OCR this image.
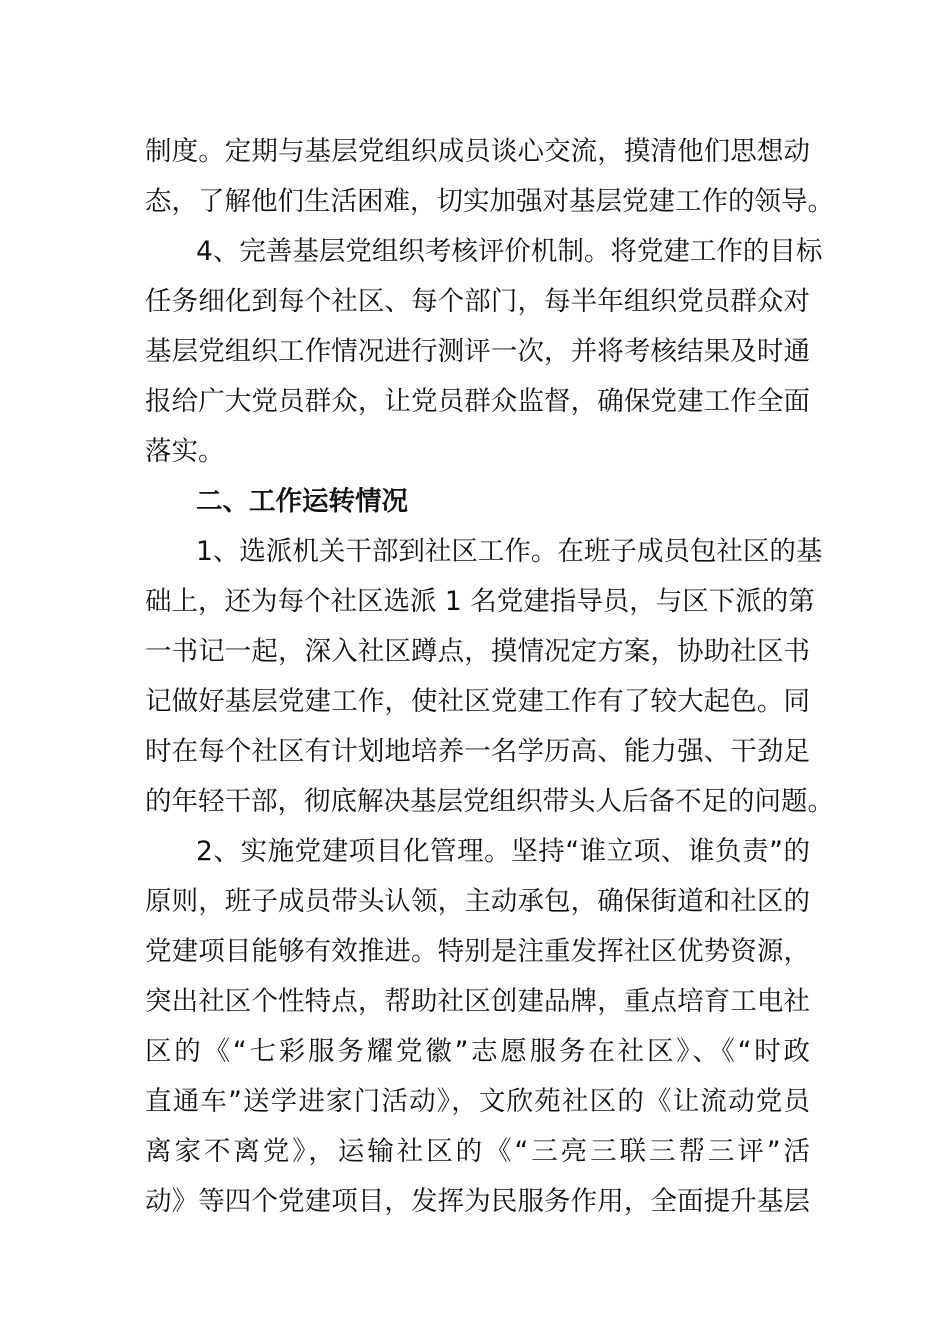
制度。定期与基层党组织成员谈心交流，摸清他们思想动
态，了解他们生活困难，切实加强对基层党建工作的领导。
4、完善基层党组织考核评价机制。将党建工作的目标
任务细化到每个社区、每个部门，每半年组织党员群众对
基层党组织工作情况进行测评一次，并将考核结果及时通
报给广大党员群众，让党员群众监督，确保党建工作全面
落实。
二、工作运转情况
1、选派机关干部到社区工作。在班子成员包社区的基
础上，还为每个社区选派 1 名党建指导员，与区下派的第
一书记一起，深入社区蹲点，摸情况定方案，协助社区书
记做好基层党建工作，使社区党建工作有了较大起色。同
时在每个社区有计划地培养一名学历高、能力强、干劲足
的年轻干部，彻底解决基层党组织带头人后备不足的问题。
2、实施党建项目化管理。坚持“谁立项、谁负责”的
原则，班子成员带头认领，主动承包，确保街道和社区的
党建项目能够有效推进。特别是注重发挥社区优势资源，
突出社区个性特点，帮助社区创建品牌，重点培育工电社
区的《“七彩服务耀党徽”志愿服务在社区》、《“时政
直通车”送学进家门活动》，文欣苑社区的《让流动党员
离家不离党》，运输社区的《“三亮三联三帮三评”活
动》等四个党建项目，发挥为民服务作用，全面提升基层
